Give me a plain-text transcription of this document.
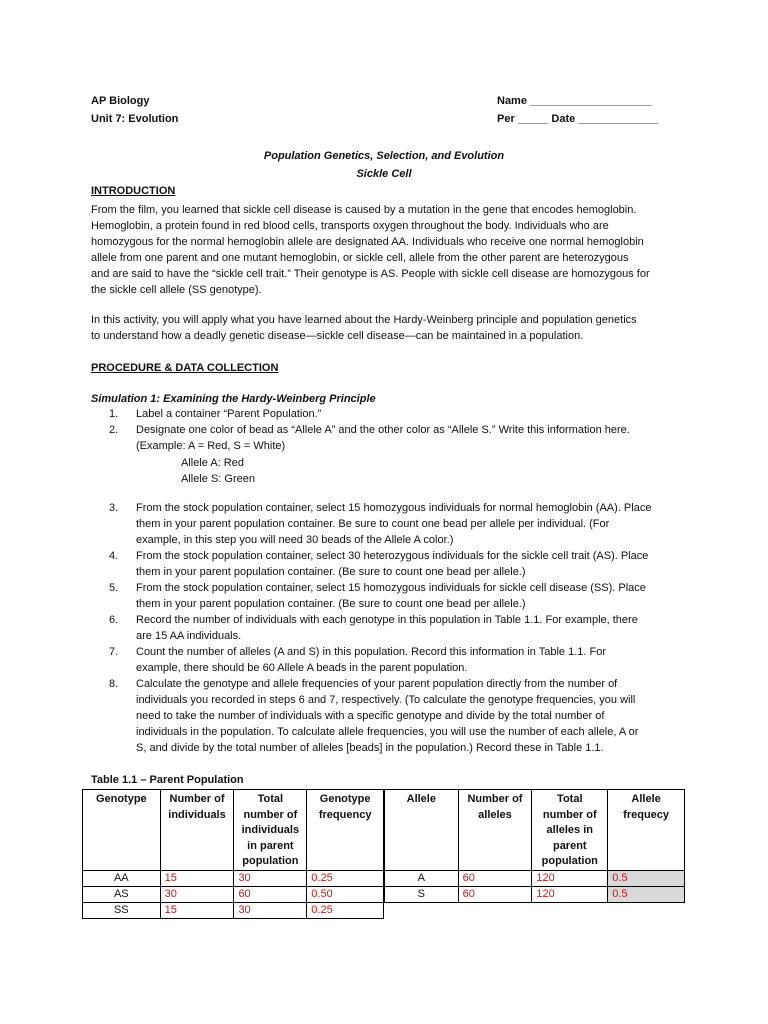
AP Biology
Unit 7: Evolution
Name ____________________
Per _____ Date _____________
Population Genetics, Selection, and Evolution
Sickle Cell
INTRODUCTION
From the film, you learned that sickle cell disease is caused by a mutation in the gene that encodes hemoglobin.
Hemoglobin, a protein found in red blood cells, transports oxygen throughout the body. Individuals who are
homozygous for the normal hemoglobin allele are designated AA. Individuals who receive one normal hemoglobin
allele from one parent and one mutant hemoglobin, or sickle cell, allele from the other parent are heterozygous
and are said to have the “sickle cell trait.” Their genotype is AS. People with sickle cell disease are homozygous for
the sickle cell allele (SS genotype).
In this activity, you will apply what you have learned about the Hardy-Weinberg principle and population genetics
to understand how a deadly genetic disease—sickle cell disease—can be maintained in a population.
PROCEDURE & DATA COLLECTION
Simulation 1: Examining the Hardy-Weinberg Principle
1.	Label a container “Parent Population.”
2.	Designate one color of bead as “Allele A” and the other color as “Allele S.” Write this information here.
(Example: A = Red, S = White)
Allele A: Red
Allele S: Green
3.	From the stock population container, select 15 homozygous individuals for normal hemoglobin (AA). Place
them in your parent population container. Be sure to count one bead per allele per individual. (For
example, in this step you will need 30 beads of the Allele A color.)
4.	From the stock population container, select 30 heterozygous individuals for the sickle cell trait (AS). Place
them in your parent population container. (Be sure to count one bead per allele.)
5.	From the stock population container, select 15 homozygous individuals for sickle cell disease (SS). Place
them in your parent population container. (Be sure to count one bead per allele.)
6.	Record the number of individuals with each genotype in this population in Table 1.1. For example, there
are 15 AA individuals.
7.	Count the number of alleles (A and S) in this population. Record this information in Table 1.1. For
example, there should be 60 Allele A beads in the parent population.
8.	Calculate the genotype and allele frequencies of your parent population directly from the number of
individuals you recorded in steps 6 and 7, respectively. (To calculate the genotype frequencies, you will
need to take the number of individuals with a specific genotype and divide by the total number of
individuals in the population. To calculate allele frequencies, you will use the number of each allele, A or
S, and divide by the total number of alleles [beads] in the population.) Record these in Table 1.1.
Table 1.1 – Parent Population
Genotype	Number of individuals	Total number of individuals in parent population	Genotype frequency
AA	15	30	0.25
AS	30	60	0.50
SS	15	30	0.25
Allele	Number of alleles	Total number of alleles in parent population	Allele frequecy
A	60	120	0.5
S	60	120	0.5
